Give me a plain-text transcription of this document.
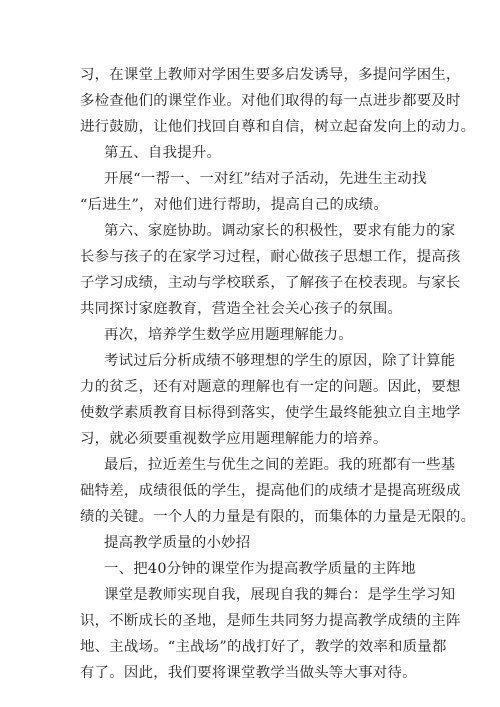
习，在课堂上教师对学困生要多启发诱导，多提问学困生，
多检查他们的课堂作业。对他们取得的每一点进步都要及时
进行鼓励，让他们找回自尊和自信，树立起奋发向上的动力。
第五、自我提升。
开展“一帮一、一对红”结对子活动，先进生主动找
“后进生”，对他们进行帮助，提高自己的成绩。
第六、家庭协助。调动家长的积极性，要求有能力的家
长参与孩子的在家学习过程，耐心做孩子思想工作，提高孩
子学习成绩，主动与学校联系，了解孩子在校表现。与家长
共同探讨家庭教育，营造全社会关心孩子的氛围。
再次，培养学生数学应用题理解能力。
考试过后分析成绩不够理想的学生的原因，除了计算能
力的贫乏，还有对题意的理解也有一定的问题。因此，要想
使数学素质教育目标得到落实，使学生最终能独立自主地学
习，就必须要重视数学应用题理解能力的培养。
最后，拉近差生与优生之间的差距。我的班都有一些基
础特差，成绩很低的学生，提高他们的成绩才是提高班级成
绩的关键。一个人的力量是有限的，而集体的力量是无限的。
提高教学质量的小妙招
一、把40分钟的课堂作为提高教学质量的主阵地
课堂是教师实现自我，展现自我的舞台：是学生学习知
识，不断成长的圣地，是师生共同努力提高教学成绩的主阵
地、主战场。“主战场”的战打好了，教学的效率和质量都
有了。因此，我们要将课堂教学当做头等大事对待。
